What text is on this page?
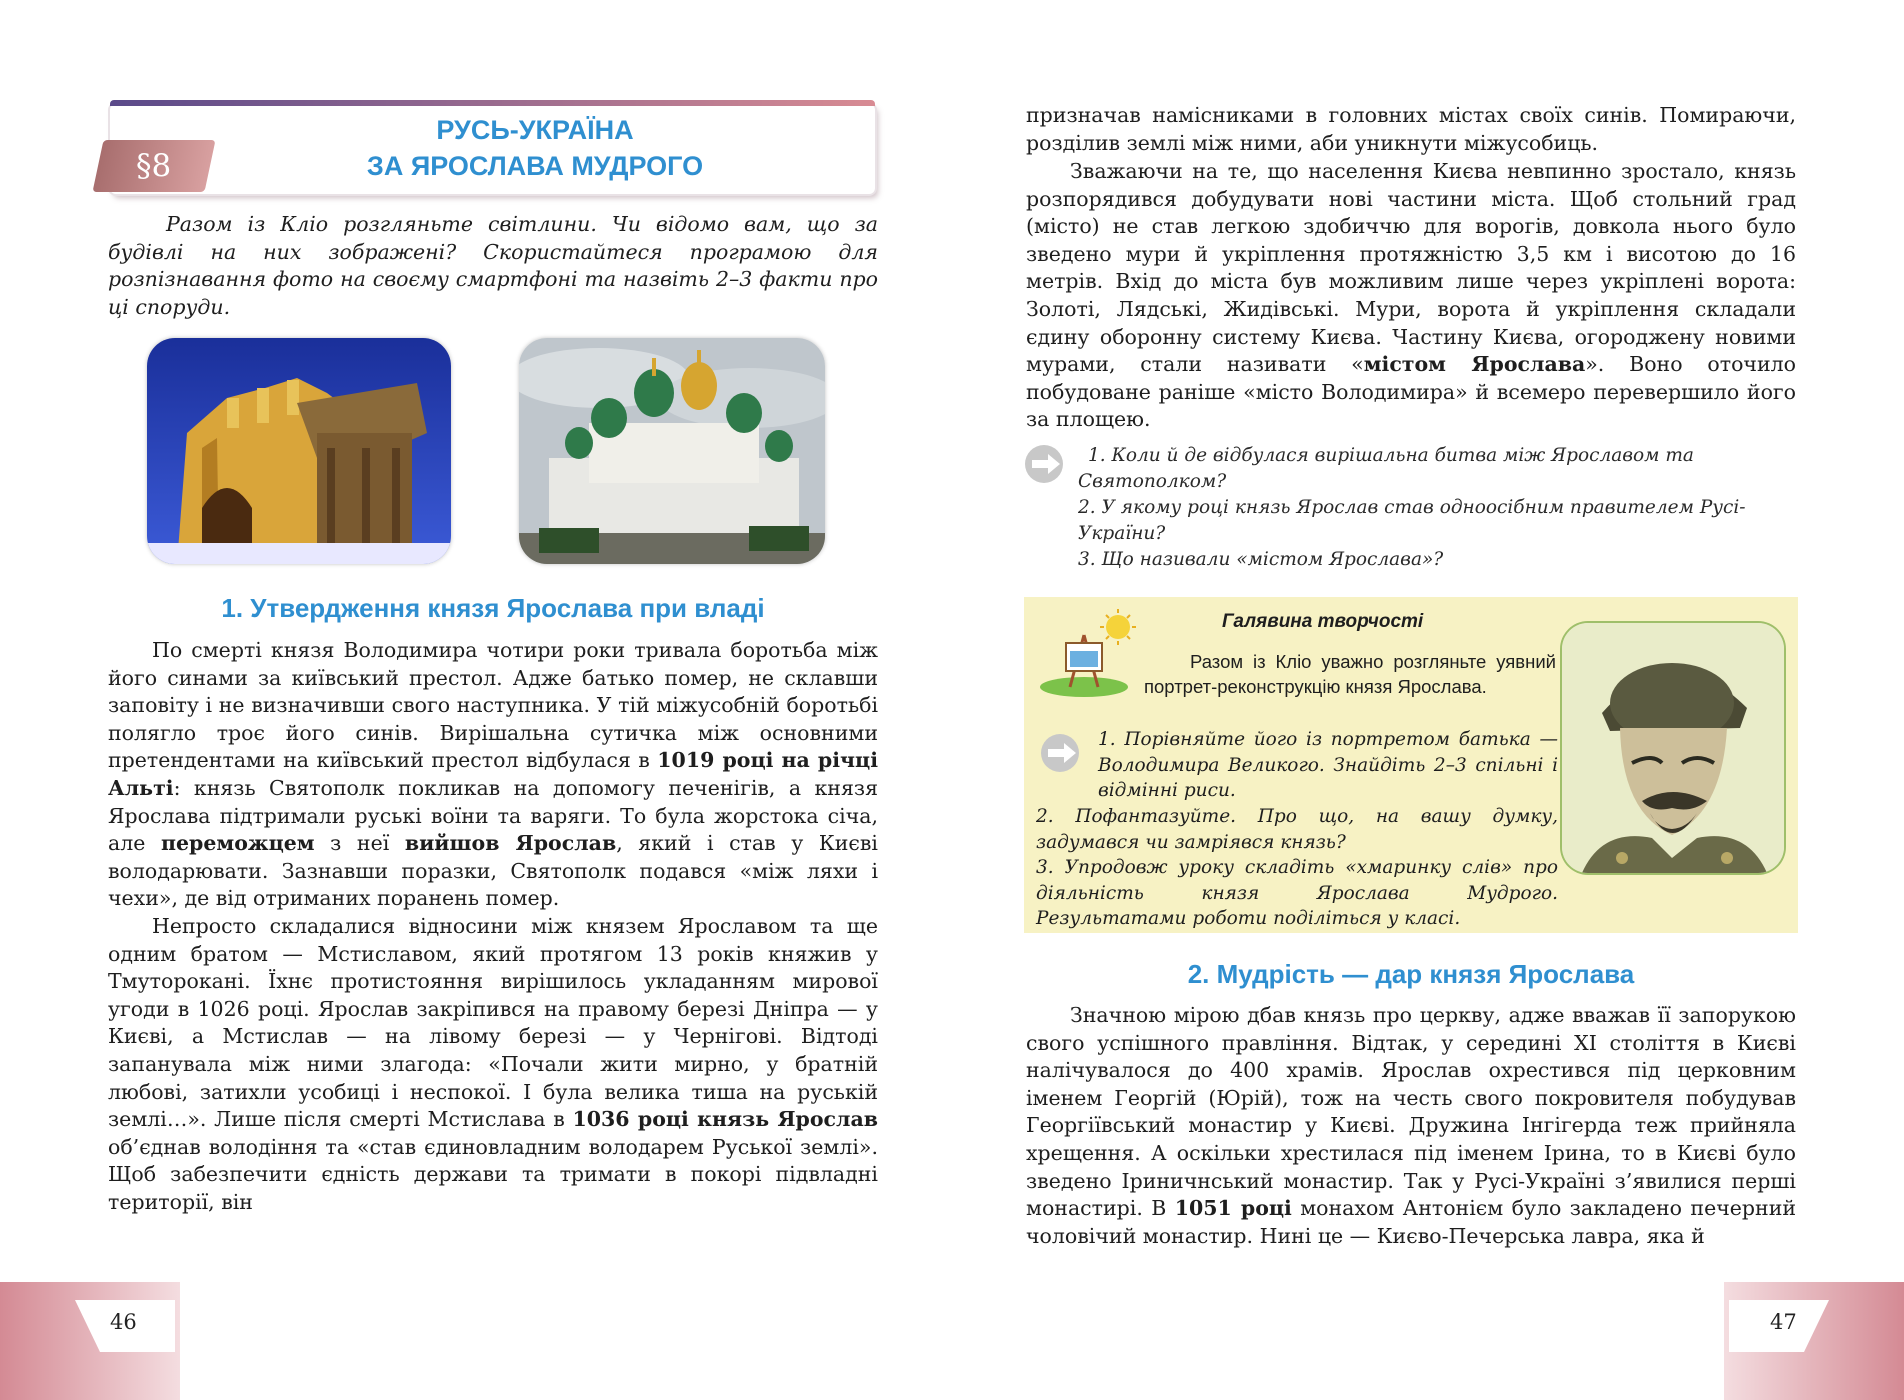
§8
РУСЬ-УКРАЇНА
ЗА ЯРОСЛАВА МУДРОГО
Разом із Кліо розгляньте світлини. Чи відомо вам, що за будівлі на них зображені? Скористайтеся програмою для розпізнавання фото на своєму смартфоні та назвіть 2–3 факти про ці споруди.
1. Утвердження князя Ярослава при владі
По смерті князя Володимира чотири роки тривала боротьба між його синами за київський престол. Адже батько помер, не склавши заповіту і не визначивши свого наступника. У тій міжусобній боротьбі полягло троє його синів. Вирішальна сутичка між основними претендентами на київський престол відбулася в 1019 році на річці Альті: князь Святополк покликав на допомогу печенігів, а князя Ярослава підтримали руські воїни та варяги. То була жорстока січа, але переможцем з неї вийшов Ярослав, який і став у Києві володарювати. Зазнавши поразки, Святополк подався «між ляхи і чехи», де від отриманих поранень помер.
Непросто складалися відносини між князем Ярославом та ще одним братом — Мстиславом, який протягом 13 років княжив у Тмуторокані. Їхнє протистояння вирішилось укладанням мирової угоди в 1026 році. Ярослав закріпився на правому березі Дніпра — у Києві, а Мстислав — на лівому березі — у Чернігові. Відтоді запанувала між ними злагода: «Почали жити мирно, у братній любові, затихли усобиці і неспокої. І була велика тиша на руській землі…». Лише після смерті Мстислава в 1036 році князь Ярослав об’єднав володіння та «став єдиновладним володарем Руської землі». Щоб забезпечити єдність держави та тримати в покорі підвладні території, він
46
призначав намісниками в головних містах своїх синів. Помираючи, розділив землі між ними, аби уникнути міжусобиць.
Зважаючи на те, що населення Києва невпинно зростало, князь розпорядився добудувати нові частини міста. Щоб стольний град (місто) не став легкою здобиччю для ворогів, довкола нього було зведено мури й укріплення протяжністю 3,5 км і висотою до 16 метрів. Вхід до міста був можливим лише через укріплені ворота: Золоті, Лядські, Жидівські. Мури, ворота й укріплення складали єдину оборонну систему Києва. Частину Києва, огороджену новими мурами, стали називати «містом Ярослава». Воно оточило побудоване раніше «місто Володимира» й всемеро перевершило його за площею.
1. Коли й де відбулася вирішальна битва між Ярославом та Святополком?
2. У якому році князь Ярослав став одноосібним правителем Русі-України?
3. Що називали «містом Ярослава»?
Галявина творчості
Разом із Кліо уважно розгляньте уявний портрет-реконструкцію князя Ярослава.
1. Порівняйте його із портретом батька — Володимира Великого. Знайдіть 2–3 спільні і відмінні риси.
2. Пофантазуйте. Про що, на вашу думку, задумався чи замріявся князь?
3. Упродовж уроку складіть «хмаринку слів» про діяльність князя Ярослава Мудрого. Результатами роботи поділіться у класі.
2. Мудрість — дар князя Ярослава
Значною мірою дбав князь про церкву, адже вважав її запорукою свого успішного правління. Відтак, у середині ХІ століття в Києві налічувалося до 400 храмів. Ярослав охрестився під церковним іменем Георгій (Юрій), тож на честь свого покровителя побудував Георгіївський монастир у Києві. Дружина Інгігерда теж прийняла хрещення. А оскільки хрестилася під іменем Ірина, то в Києві було зведено Іриничнський монастир. Так у Русі-Україні з’явилися перші монастирі. В 1051 році монахом Антонієм було закладено печерний чоловічий монастир. Нині це — Києво-Печерська лавра, яка й
47
